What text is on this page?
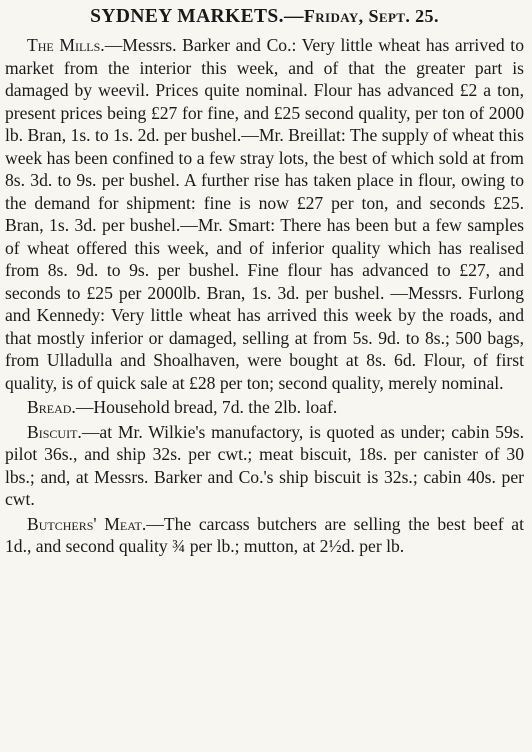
SYDNEY MARKETS.—Friday, Sept. 25.

The Mills.—Messrs. Barker and Co.: Very little wheat has arrived to market from the interior this week, and of that the greater part is damaged by weevil. Prices quite nominal. Flour has advanced £2 a ton, present prices being £27 for fine, and £25 second quality, per ton of 2000 lb. Bran, 1s. to 1s. 2d. per bushel.—Mr. Breillat: The supply of wheat this week has been confined to a few stray lots, the best of which sold at from 8s. 3d. to 9s. per bushel. A further rise has taken place in flour, owing to the demand for shipment: fine is now £27 per ton, and seconds £25. Bran, 1s. 3d. per bushel.—Mr. Smart: There has been but a few samples of wheat offered this week, and of inferior quality which has realised from 8s. 9d. to 9s. per bushel. Fine flour has advanced to £27, and seconds to £25 per 2000lb. Bran, 1s. 3d. per bushel. —Messrs. Furlong and Kennedy: Very little wheat has arrived this week by the roads, and that mostly inferior or damaged, selling at from 5s. 9d. to 8s.; 500 bags, from Ulladulla and Shoalhaven, were bought at 8s. 6d. Flour, of first quality, is of quick sale at £28 per ton; second quality, merely nominal.

Bread.—Household bread, 7d. the 2lb. loaf.

Biscuit.—at Mr. Wilkie's manufactory, is quoted as under; cabin 59s. pilot 36s., and ship 32s. per cwt.; meat biscuit, 18s. per canister of 30 lbs.; and, at Messrs. Barker and Co.'s ship biscuit is 32s.; cabin 40s. per cwt.

Butchers' Meat.—The carcass butchers are selling the best beef at 1d., and second quality ¾ per lb.; mutton, at 2½d. per lb.
